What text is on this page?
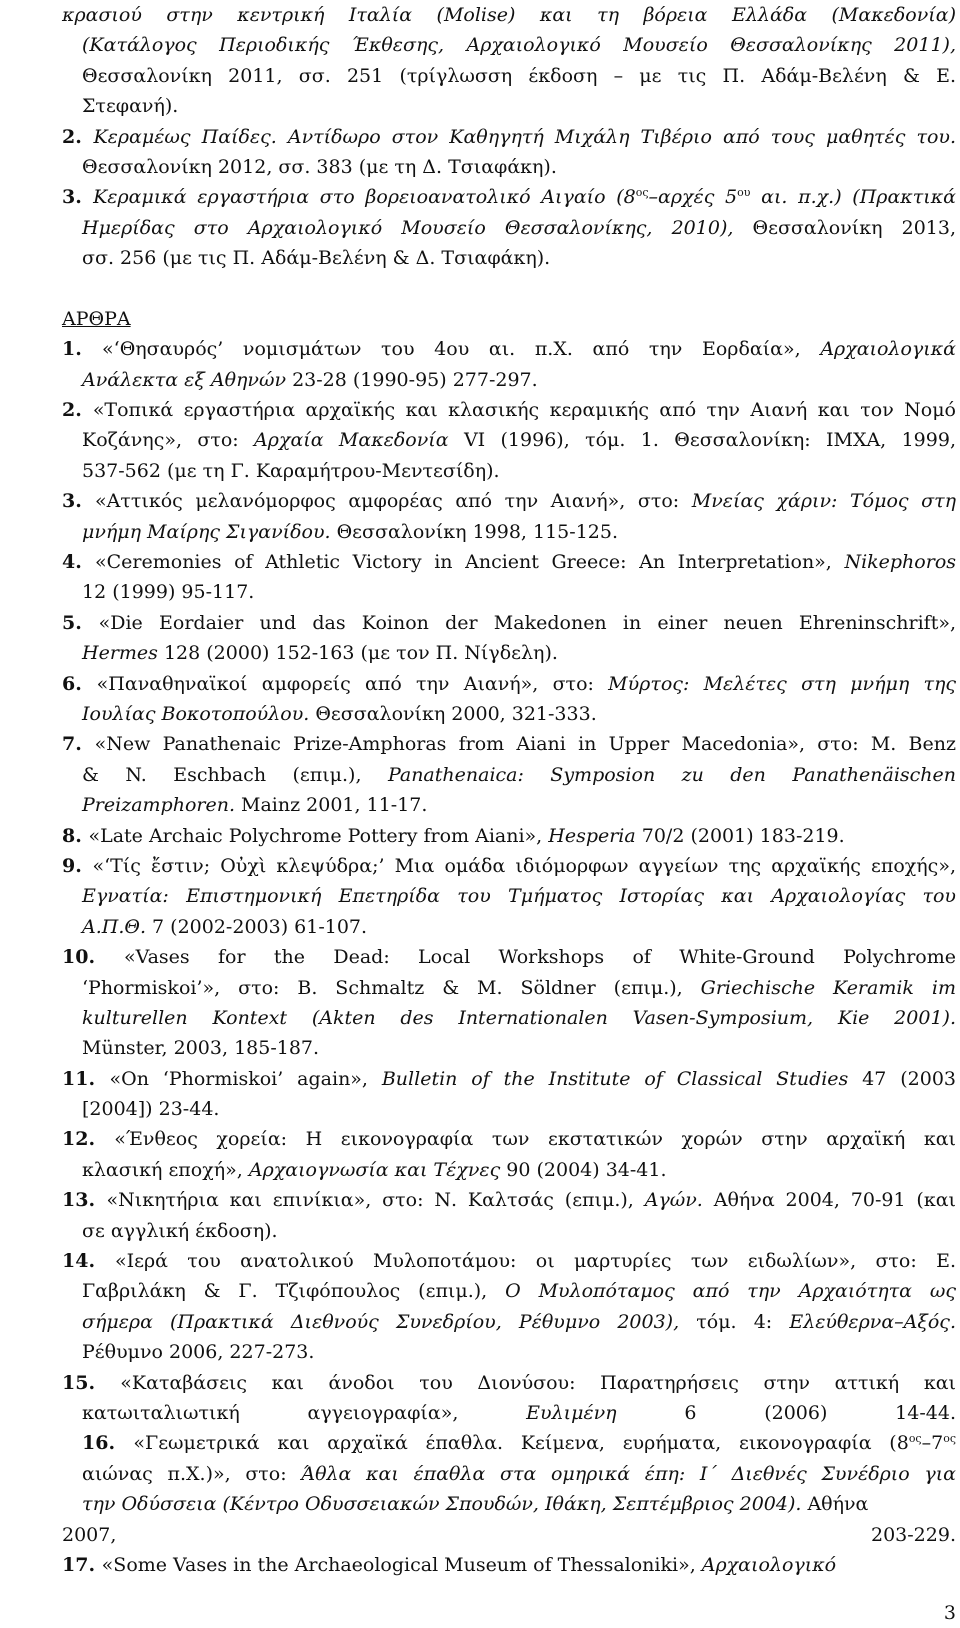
κρασιού στην κεντρική Ιταλία (Molise) και τη βόρεια Ελλάδα (Μακεδονία)
(Κατάλογος Περιοδικής Έκθεσης, Αρχαιολογικό Μουσείο Θεσσαλονίκης 2011),
Θεσσαλονίκη 2011, σσ. 251 (τρίγλωσση έκδοση – με τις Π. Αδάμ-Βελένη & Ε.
Στεφανή).
2. Κεραμέως Παίδες. Αντίδωρο στον Καθηγητή Μιχάλη Τιβέριο από τους μαθητές του.
Θεσσαλονίκη 2012, σσ. 383 (με τη Δ. Τσιαφάκη).
3. Κεραμικά εργαστήρια στο βορειοανατολικό Αιγαίο ($8^{o\varsigma}$–αρχές $5^{o\upsilon}$ αι. π.χ.) (Πρακτικά
Ημερίδας στο Αρχαιολογικό Μουσείο Θεσσαλονίκης, 2010), Θεσσαλονίκη 2013,
σσ. 256 (με τις Π. Αδάμ-Βελένη & Δ. Τσιαφάκη).
ΑΡΘΡΑ
1. «‘Θησαυρός’ νομισμάτων του 4ου αι. π.Χ. από την Εορδαία», Αρχαιολογικά
Ανάλεκτα εξ Αθηνών 23-28 (1990-95) 277-297.
2. «Τοπικά εργαστήρια αρχαϊκής και κλασικής κεραμικής από την Αιανή και τον Νομό
Κοζάνης», στο: Αρχαία Μακεδονία VI (1996), τόμ. 1. Θεσσαλονίκη: ΙΜΧΑ, 1999,
537-562 (με τη Γ. Καραμήτρου-Μεντεσίδη).
3. «Αττικός μελανόμορφος αμφορέας από την Αιανή», στο: Μνείας χάριν: Τόμος στη
μνήμη Μαίρης Σιγανίδου. Θεσσαλονίκη 1998, 115-125.
4. «Ceremonies of Athletic Victory in Ancient Greece: An Interpretation», Nikephoros
12 (1999) 95-117.
5. «Die Eordaier und das Koinon der Makedonen in einer neuen Ehreninschrift»,
Hermes 128 (2000) 152-163 (με τον Π. Νίγδελη).
6. «Παναθηναϊκοί αμφορείς από την Αιανή», στο: Μύρτος: Μελέτες στη μνήμη της
Ιουλίας Βοκοτοπούλου. Θεσσαλονίκη 2000, 321-333.
7. «New Panathenaic Prize-Amphoras from Aiani in Upper Macedonia», στο: M. Benz
& N. Eschbach (επιμ.), Panathenaica: Symposion zu den Panathenäischen
Preizamphoren. Mainz 2001, 11-17.
8. «Late Archaic Polychrome Pottery from Aiani», Hesperia 70/2 (2001) 183-219.
9. «‘Τίς ἔστιν; Οὐχὶ κλεψύδρα;’ Μια ομάδα ιδιόμορφων αγγείων της αρχαϊκής εποχής»,
Εγνατία: Επιστημονική Επετηρίδα του Τμήματος Ιστορίας και Αρχαιολογίας του
Α.Π.Θ. 7 (2002-2003) 61-107.
10. «Vases for the Dead: Local Workshops of White-Ground Polychrome
‘Phormiskoi’», στο: B. Schmaltz & M. Söldner (επιμ.), Griechische Keramik im
kulturellen Kontext (Akten des Internationalen Vasen-Symposium, Kie 2001).
Münster, 2003, 185-187.
11. «On ‘Phormiskoi’ again», Bulletin of the Institute of Classical Studies 47 (2003
[2004]) 23-44.
12. «Ένθεος χορεία: Η εικονογραφία των εκστατικών χορών στην αρχαϊκή και
κλασική εποχή», Αρχαιογνωσία και Τέχνες 90 (2004) 34-41.
13. «Νικητήρια και επινίκια», στο: Ν. Καλτσάς (επιμ.), Αγών. Αθήνα 2004, 70-91 (και
σε αγγλική έκδοση).
14. «Ιερά του ανατολικού Μυλοποτάμου: οι μαρτυρίες των ειδωλίων», στο: Ε.
Γαβριλάκη & Γ. Τζιφόπουλος (επιμ.), Ο Μυλοπόταμος από την Αρχαιότητα ως
σήμερα (Πρακτικά Διεθνούς Συνεδρίου, Ρέθυμνο 2003), τόμ. 4: Ελεύθερνα–Αξός.
Ρέθυμνο 2006, 227-273.
15. «Καταβάσεις και άνοδοι του Διονύσου: Παρατηρήσεις στην αττική και
κατωιταλιωτική αγγειογραφία», Ευλιμένη 6 (2006) 14-44.
16. «Γεωμετρικά και αρχαϊκά έπαθλα. Κείμενα, ευρήματα, εικονογραφία ($8^{o\varsigma}-7^{o\varsigma}$
αιώνας π.Χ.)», στο: Άθλα και έπαθλα στα ομηρικά έπη: Ι΄ Διεθνές Συνέδριο για
την Οδύσσεια (Κέντρο Οδυσσειακών Σπουδών, Ιθάκη, Σεπτέμβριος 2004). Αθήνα
2007, 203-229.
17. «Some Vases in the Archaeological Museum of Thessaloniki», Αρχαιολογικό
3
